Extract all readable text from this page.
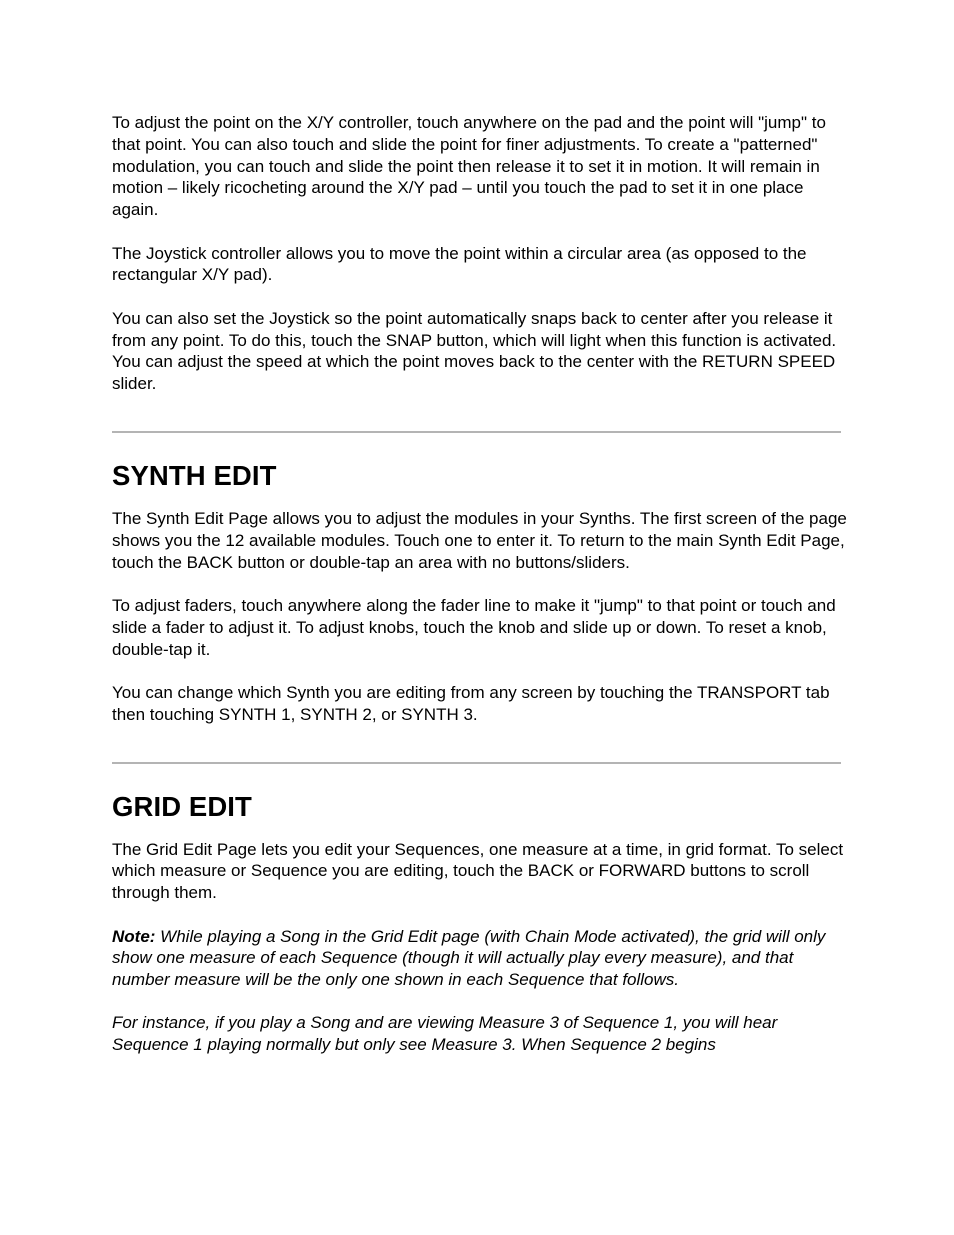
To adjust the point on the X/Y controller, touch anywhere on the pad and the point will "jump" to that point. You can also touch and slide the point for finer adjustments. To create a "patterned" modulation, you can touch and slide the point then release it to set it in motion. It will remain in motion – likely ricocheting around the X/Y pad – until you touch the pad to set it in one place again.

The Joystick controller allows you to move the point within a circular area (as opposed to the rectangular X/Y pad).

You can also set the Joystick so the point automatically snaps back to center after you release it from any point. To do this, touch the SNAP button, which will light when this function is activated. You can adjust the speed at which the point moves back to the center with the RETURN SPEED slider.

SYNTH EDIT

The Synth Edit Page allows you to adjust the modules in your Synths. The first screen of the page shows you the 12 available modules. Touch one to enter it. To return to the main Synth Edit Page, touch the BACK button or double-tap an area with no buttons/sliders.

To adjust faders, touch anywhere along the fader line to make it "jump" to that point or touch and slide a fader to adjust it. To adjust knobs, touch the knob and slide up or down. To reset a knob, double-tap it.

You can change which Synth you are editing from any screen by touching the TRANSPORT tab then touching SYNTH 1, SYNTH 2, or SYNTH 3.

GRID EDIT

The Grid Edit Page lets you edit your Sequences, one measure at a time, in grid format. To select which measure or Sequence you are editing, touch the BACK or FORWARD buttons to scroll through them.

Note: While playing a Song in the Grid Edit page (with Chain Mode activated), the grid will only show one measure of each Sequence (though it will actually play every measure), and that number measure will be the only one shown in each Sequence that follows.

For instance, if you play a Song and are viewing Measure 3 of Sequence 1, you will hear Sequence 1 playing normally but only see Measure 3. When Sequence 2 begins
